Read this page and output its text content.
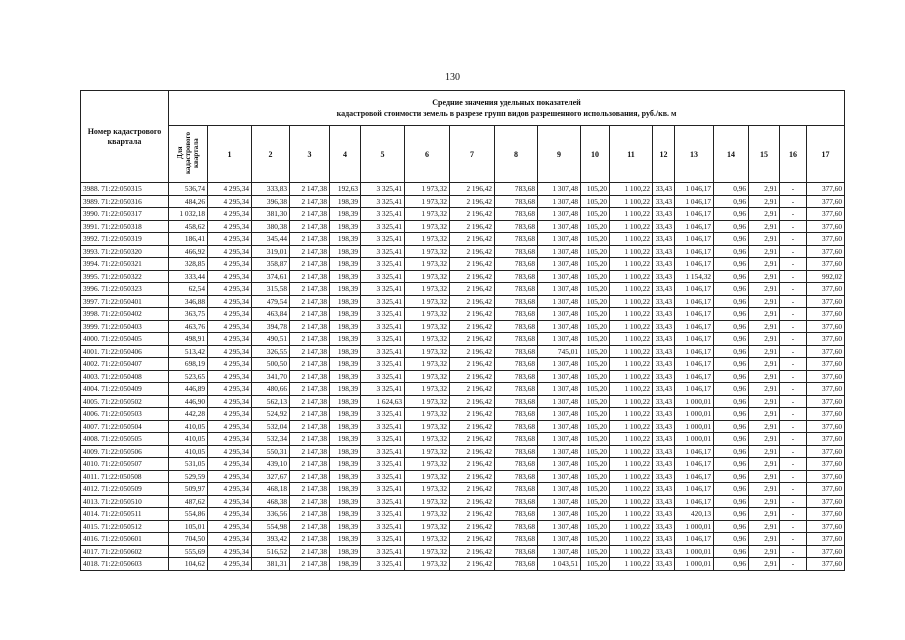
130
Номер кадастрового квартала	Средние значения удельных показателей
кадастровой стоимости земель в разрезе групп видов разрешенного использования, руб./кв. м																	

	Для кадастрового квартала	1	2	3	4	5	6	7	8	9	10	11	12	13	14	15	16	17
3988. 71:22:050315	536,74	4 295,34	333,83	2 147,38	192,63	3 325,41	1 973,32	2 196,42	783,68	1 307,48	105,20	1 100,22	33,43	1 046,17	0,96	2,91	-	377,60
3989. 71:22:050316	484,26	4 295,34	396,38	2 147,38	198,39	3 325,41	1 973,32	2 196,42	783,68	1 307,48	105,20	1 100,22	33,43	1 046,17	0,96	2,91	-	377,60
3990. 71:22:050317	1 032,18	4 295,34	381,30	2 147,38	198,39	3 325,41	1 973,32	2 196,42	783,68	1 307,48	105,20	1 100,22	33,43	1 046,17	0,96	2,91	-	377,60
3991. 71:22:050318	458,62	4 295,34	380,38	2 147,38	198,39	3 325,41	1 973,32	2 196,42	783,68	1 307,48	105,20	1 100,22	33,43	1 046,17	0,96	2,91	-	377,60
3992. 71:22:050319	186,41	4 295,34	345,44	2 147,38	198,39	3 325,41	1 973,32	2 196,42	783,68	1 307,48	105,20	1 100,22	33,43	1 046,17	0,96	2,91	-	377,60
3993. 71:22:050320	466,92	4 295,34	319,01	2 147,38	198,39	3 325,41	1 973,32	2 196,42	783,68	1 307,48	105,20	1 100,22	33,43	1 046,17	0,96	2,91	-	377,60
3994. 71:22:050321	328,85	4 295,34	358,87	2 147,38	198,39	3 325,41	1 973,32	2 196,42	783,68	1 307,48	105,20	1 100,22	33,43	1 046,17	0,96	2,91	-	377,60
3995. 71:22:050322	333,44	4 295,34	374,61	2 147,38	198,39	3 325,41	1 973,32	2 196,42	783,68	1 307,48	105,20	1 100,22	33,43	1 154,32	0,96	2,91	-	992,02
3996. 71:22:050323	62,54	4 295,34	315,58	2 147,38	198,39	3 325,41	1 973,32	2 196,42	783,68	1 307,48	105,20	1 100,22	33,43	1 046,17	0,96	2,91	-	377,60
3997. 71:22:050401	346,88	4 295,34	479,54	2 147,38	198,39	3 325,41	1 973,32	2 196,42	783,68	1 307,48	105,20	1 100,22	33,43	1 046,17	0,96	2,91	-	377,60
3998. 71:22:050402	363,75	4 295,34	463,84	2 147,38	198,39	3 325,41	1 973,32	2 196,42	783,68	1 307,48	105,20	1 100,22	33,43	1 046,17	0,96	2,91	-	377,60
3999. 71:22:050403	463,76	4 295,34	394,78	2 147,38	198,39	3 325,41	1 973,32	2 196,42	783,68	1 307,48	105,20	1 100,22	33,43	1 046,17	0,96	2,91	-	377,60
4000. 71:22:050405	498,91	4 295,34	490,51	2 147,38	198,39	3 325,41	1 973,32	2 196,42	783,68	1 307,48	105,20	1 100,22	33,43	1 046,17	0,96	2,91	-	377,60
4001. 71:22:050406	513,42	4 295,34	326,55	2 147,38	198,39	3 325,41	1 973,32	2 196,42	783,68	745,01	105,20	1 100,22	33,43	1 046,17	0,96	2,91	-	377,60
4002. 71:22:050407	698,19	4 295,34	500,50	2 147,38	198,39	3 325,41	1 973,32	2 196,42	783,68	1 307,48	105,20	1 100,22	33,43	1 046,17	0,96	2,91	-	377,60
4003. 71:22:050408	523,65	4 295,34	341,70	2 147,38	198,39	3 325,41	1 973,32	2 196,42	783,68	1 307,48	105,20	1 100,22	33,43	1 046,17	0,96	2,91	-	377,60
4004. 71:22:050409	446,89	4 295,34	480,66	2 147,38	198,39	3 325,41	1 973,32	2 196,42	783,68	1 307,48	105,20	1 100,22	33,43	1 046,17	0,96	2,91	-	377,60
4005. 71:22:050502	446,90	4 295,34	562,13	2 147,38	198,39	1 624,63	1 973,32	2 196,42	783,68	1 307,48	105,20	1 100,22	33,43	1 000,01	0,96	2,91	-	377,60
4006. 71:22:050503	442,28	4 295,34	524,92	2 147,38	198,39	3 325,41	1 973,32	2 196,42	783,68	1 307,48	105,20	1 100,22	33,43	1 000,01	0,96	2,91	-	377,60
4007. 71:22:050504	410,05	4 295,34	532,04	2 147,38	198,39	3 325,41	1 973,32	2 196,42	783,68	1 307,48	105,20	1 100,22	33,43	1 000,01	0,96	2,91	-	377,60
4008. 71:22:050505	410,05	4 295,34	532,34	2 147,38	198,39	3 325,41	1 973,32	2 196,42	783,68	1 307,48	105,20	1 100,22	33,43	1 000,01	0,96	2,91	-	377,60
4009. 71:22:050506	410,05	4 295,34	550,31	2 147,38	198,39	3 325,41	1 973,32	2 196,42	783,68	1 307,48	105,20	1 100,22	33,43	1 046,17	0,96	2,91	-	377,60
4010. 71:22:050507	531,05	4 295,34	439,10	2 147,38	198,39	3 325,41	1 973,32	2 196,42	783,68	1 307,48	105,20	1 100,22	33,43	1 046,17	0,96	2,91	-	377,60
4011. 71:22:050508	529,59	4 295,34	327,67	2 147,38	198,39	3 325,41	1 973,32	2 196,42	783,68	1 307,48	105,20	1 100,22	33,43	1 046,17	0,96	2,91	-	377,60
4012. 71:22:050509	509,97	4 295,34	468,18	2 147,38	198,39	3 325,41	1 973,32	2 196,42	783,68	1 307,48	105,20	1 100,22	33,43	1 046,17	0,96	2,91	-	377,60
4013. 71:22:050510	487,62	4 295,34	468,38	2 147,38	198,39	3 325,41	1 973,32	2 196,42	783,68	1 307,48	105,20	1 100,22	33,43	1 046,17	0,96	2,91	-	377,60
4014. 71:22:050511	554,86	4 295,34	336,56	2 147,38	198,39	3 325,41	1 973,32	2 196,42	783,68	1 307,48	105,20	1 100,22	33,43	420,13	0,96	2,91	-	377,60
4015. 71:22:050512	105,01	4 295,34	554,98	2 147,38	198,39	3 325,41	1 973,32	2 196,42	783,68	1 307,48	105,20	1 100,22	33,43	1 000,01	0,96	2,91	-	377,60
4016. 71:22:050601	704,50	4 295,34	393,42	2 147,38	198,39	3 325,41	1 973,32	2 196,42	783,68	1 307,48	105,20	1 100,22	33,43	1 046,17	0,96	2,91	-	377,60
4017. 71:22:050602	555,69	4 295,34	516,52	2 147,38	198,39	3 325,41	1 973,32	2 196,42	783,68	1 307,48	105,20	1 100,22	33,43	1 000,01	0,96	2,91	-	377,60
4018. 71:22:050603	104,62	4 295,34	381,31	2 147,38	198,39	3 325,41	1 973,32	2 196,42	783,68	1 043,51	105,20	1 100,22	33,43	1 000,01	0,96	2,91	-	377,60
